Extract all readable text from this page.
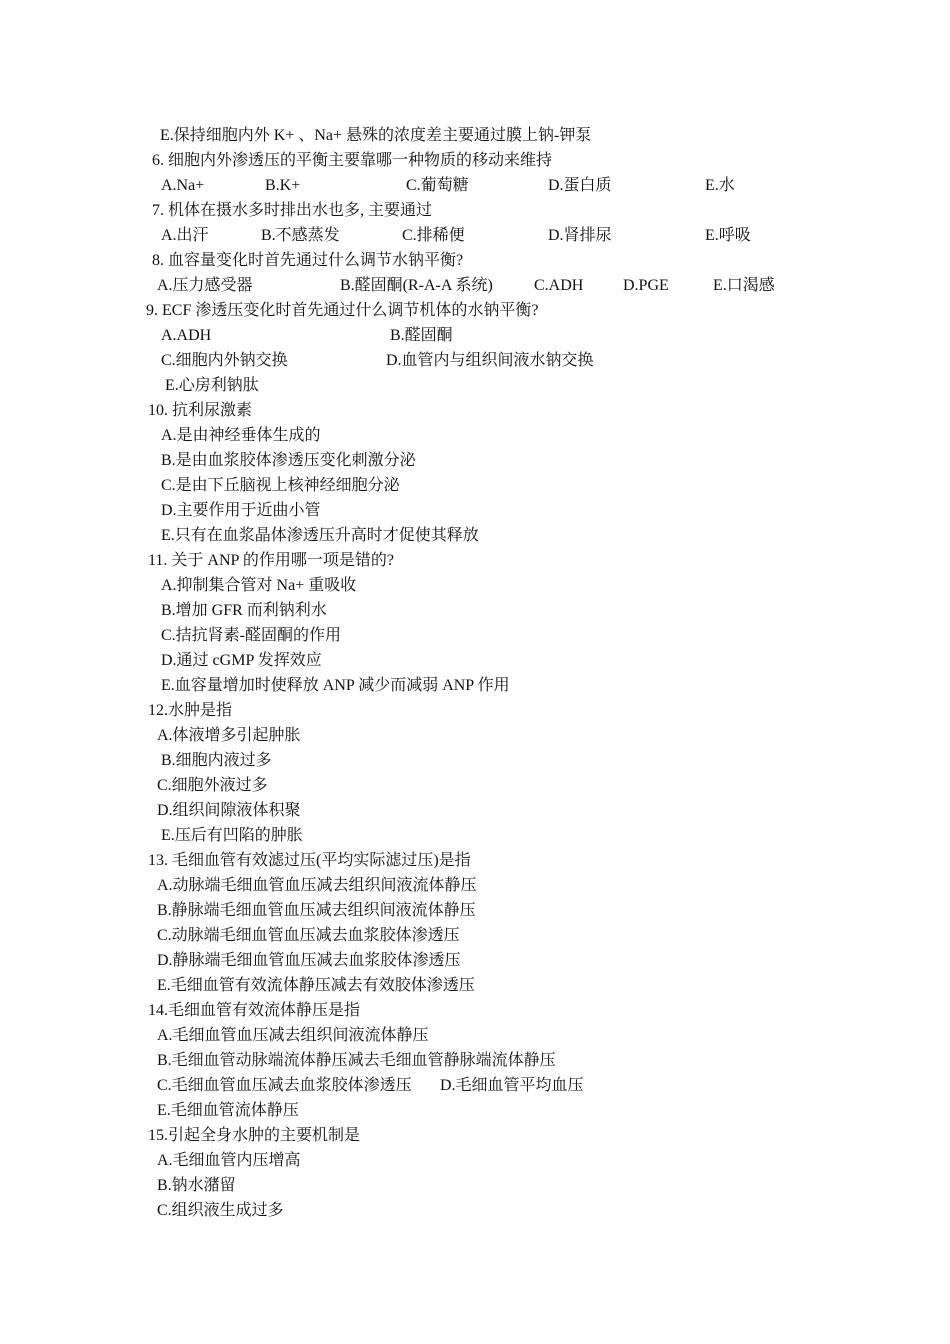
E.保持细胞内外 K+ 、Na+ 悬殊的浓度差主要通过膜上钠-钾泵
6. 细胞内外渗透压的平衡主要靠哪一种物质的移动来维持
A.Na+	B.K+	C.葡萄糖	D.蛋白质	E.水
7. 机体在摄水多时排出水也多, 主要通过
A.出汗	B.不感蒸发	C.排稀便	D.肾排尿	E.呼吸
8. 血容量变化时首先通过什么调节水钠平衡?
A.压力感受器	B.醛固酮(R-A-A 系统)	C.ADH D.PGE	E.口渴感
9. ECF 渗透压变化时首先通过什么调节机体的水钠平衡?
A.ADH	B.醛固酮
C.细胞内外钠交换	D.血管内与组织间液水钠交换
E.心房利钠肽
10. 抗利尿激素
A.是由神经垂体生成的
B.是由血浆胶体渗透压变化刺激分泌
C.是由下丘脑视上核神经细胞分泌
D.主要作用于近曲小管
E.只有在血浆晶体渗透压升高时才促使其释放
11. 关于 ANP 的作用哪一项是错的?
A.抑制集合管对 Na+ 重吸收
B.增加 GFR 而利钠利水
C.拮抗肾素-醛固酮的作用
D.通过 cGMP 发挥效应
E.血容量增加时使释放 ANP 减少而减弱 ANP 作用
12.水肿是指
A.体液增多引起肿胀
B.细胞内液过多
C.细胞外液过多
D.组织间隙液体积聚
E.压后有凹陷的肿胀
13. 毛细血管有效滤过压(平均实际滤过压)是指
A.动脉端毛细血管血压减去组织间液流体静压
B.静脉端毛细血管血压减去组织间液流体静压
C.动脉端毛细血管血压减去血浆胶体渗透压
D.静脉端毛细血管血压减去血浆胶体渗透压
E.毛细血管有效流体静压减去有效胶体渗透压
14.毛细血管有效流体静压是指
A.毛细血管血压减去组织间液流体静压
B.毛细血管动脉端流体静压减去毛细血管静脉端流体静压
C.毛细血管血压减去血浆胶体渗透压 D.毛细血管平均血压
E.毛细血管流体静压
15.引起全身水肿的主要机制是
A.毛细血管内压增高
B.钠水潴留
C.组织液生成过多
